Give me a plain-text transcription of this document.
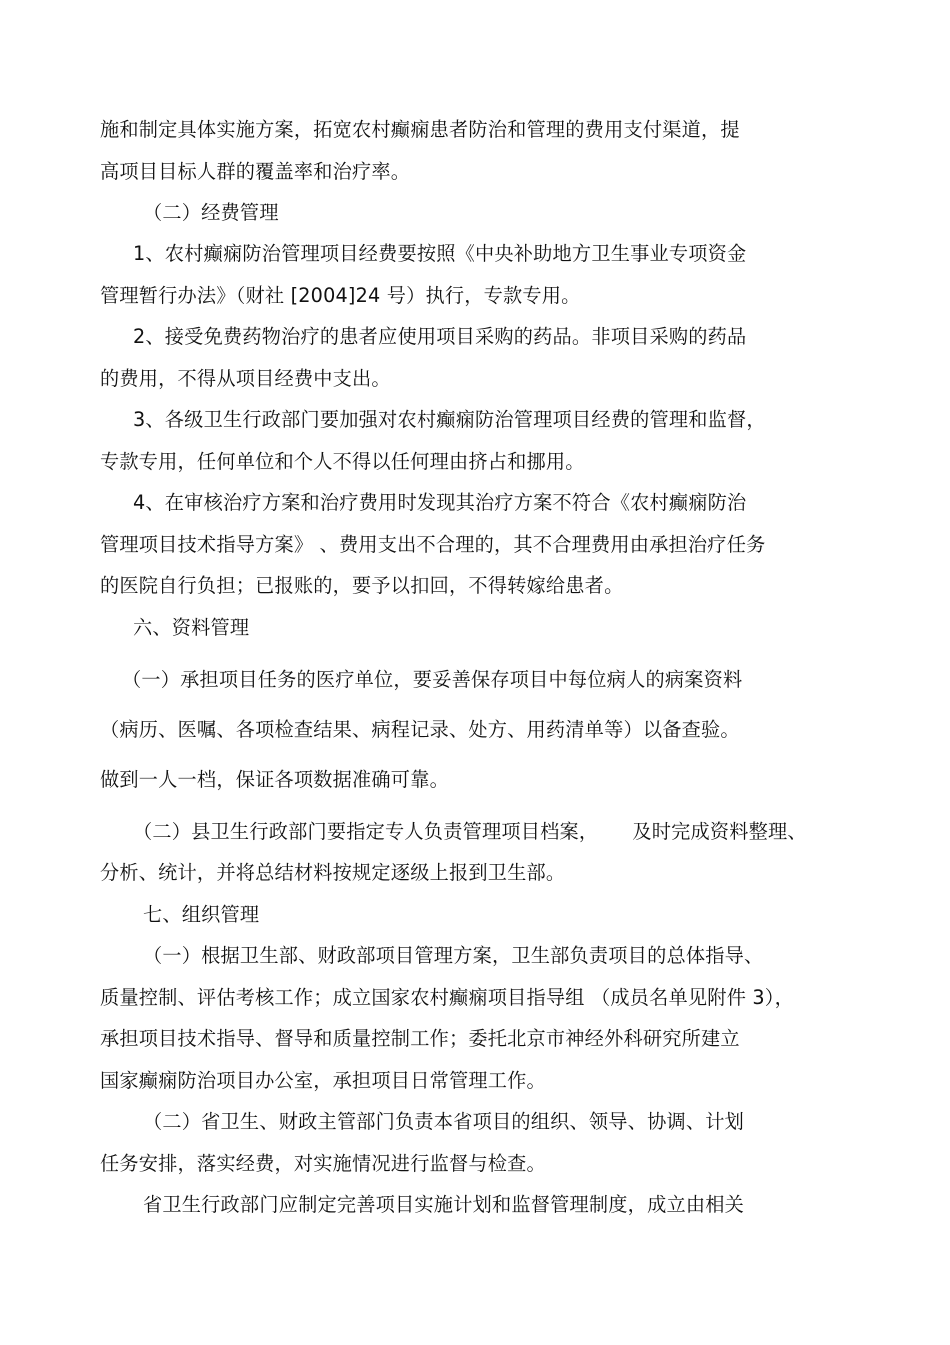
施和制定具体实施方案，拓宽农村癫痫患者防治和管理的费用支付渠道，提

高项目目标人群的覆盖率和治疗率。

（二）经费管理

1、农村癫痫防治管理项目经费要按照《中央补助地方卫生事业专项资金

管理暂行办法》（财社 [2004]24 号）执行，专款专用。

2、接受免费药物治疗的患者应使用项目采购的药品。非项目采购的药品

的费用，不得从项目经费中支出。

3、各级卫生行政部门要加强对农村癫痫防治管理项目经费的管理和监督，

专款专用，任何单位和个人不得以任何理由挤占和挪用。

4、在审核治疗方案和治疗费用时发现其治疗方案不符合《农村癫痫防治

管理项目技术指导方案》 、费用支出不合理的，其不合理费用由承担治疗任务

的医院自行负担；已报账的，要予以扣回，不得转嫁给患者。

六、资料管理

（一）承担项目任务的医疗单位，要妥善保存项目中每位病人的病案资料

（病历、医嘱、各项检查结果、病程记录、处方、用药清单等）以备查验。

做到一人一档，保证各项数据准确可靠。

（二）县卫生行政部门要指定专人负责管理项目档案， 及时完成资料整理、

分析、统计，并将总结材料按规定逐级上报到卫生部。

七、组织管理

（一）根据卫生部、财政部项目管理方案，卫生部负责项目的总体指导、

质量控制、评估考核工作；成立国家农村癫痫项目指导组 （成员名单见附件 3），

承担项目技术指导、督导和质量控制工作；委托北京市神经外科研究所建立

国家癫痫防治项目办公室，承担项目日常管理工作。

（二）省卫生、财政主管部门负责本省项目的组织、领导、协调、计划

任务安排，落实经费，对实施情况进行监督与检查。

省卫生行政部门应制定完善项目实施计划和监督管理制度，成立由相关
